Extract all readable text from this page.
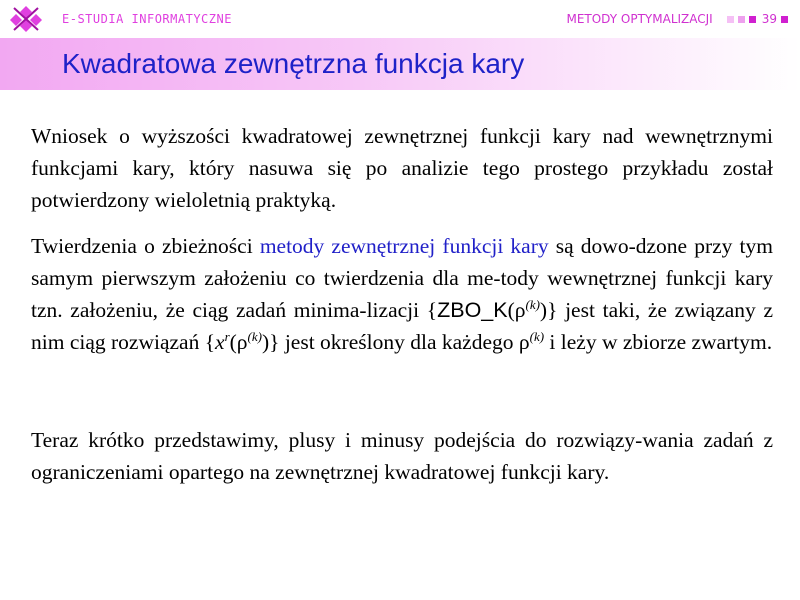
E-STUDIA INFORMATYCZNE	METODY OPTYMALIZACJI	39
Kwadratowa zewnętrzna funkcja kary

Wniosek o wyższości kwadratowej zewnętrznej funkcji kary nad wewnętrznymi funkcjami kary, który nasuwa się po analizie tego prostego przykładu został potwierdzony wieloletnią praktyką.

Twierdzenia o zbieżności metody zewnętrznej funkcji kary są dowo-dzone przy tym samym pierwszym założeniu co twierdzenia dla me-tody wewnętrznej funkcji kary tzn. założeniu, że ciąg zadań minima-lizacji $\{ZBO\_K(\rho^{(k)})\}$ jest taki, że związany z nim ciąg rozwiązań $\{x^r(\rho^{(k)})\}$ jest określony dla każdego $\rho^{(k)}$ i leży w zbiorze zwartym.

Teraz krótko przedstawimy, plusy i minusy podejścia do rozwiązy-wania zadań z ograniczeniami opartego na zewnętrznej kwadratowej funkcji kary.
